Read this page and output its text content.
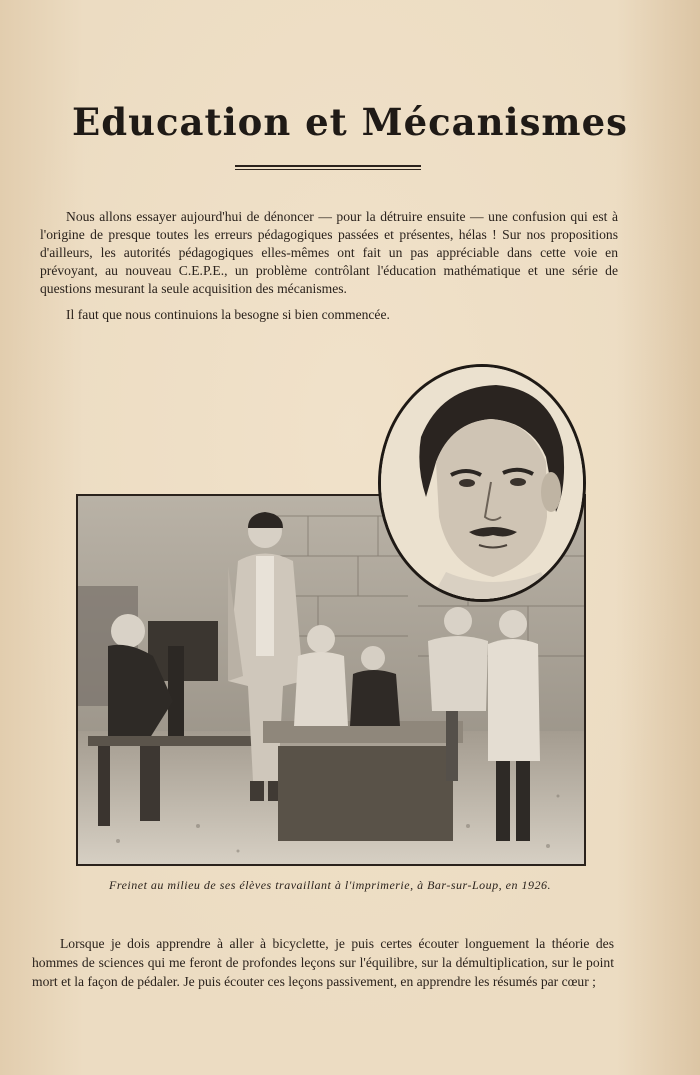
Education et Mécanismes

Nous allons essayer aujourd'hui de dénoncer — pour la détruire ensuite — une confusion qui est à l'origine de presque toutes les erreurs pédagogiques passées et présentes, hélas ! Sur nos propositions d'ailleurs, les autorités pédagogiques elles-mêmes ont fait un pas appréciable dans cette voie en prévoyant, au nouveau C.E.P.E., un problème contrôlant l'éducation mathématique et une série de questions mesurant la seule acquisition des mécanismes.

Il faut que nous continuions la besogne si bien commencée.

Freinet au milieu de ses élèves travaillant à l'imprimerie, à Bar-sur-Loup, en 1926.

Lorsque je dois apprendre à aller à bicyclette, je puis certes écouter longuement la théorie des hommes de sciences qui me feront de profondes leçons sur l'équilibre, sur la démultiplication, sur le point mort et la façon de pédaler. Je puis écouter ces leçons passivement, en apprendre les résumés par cœur ;
